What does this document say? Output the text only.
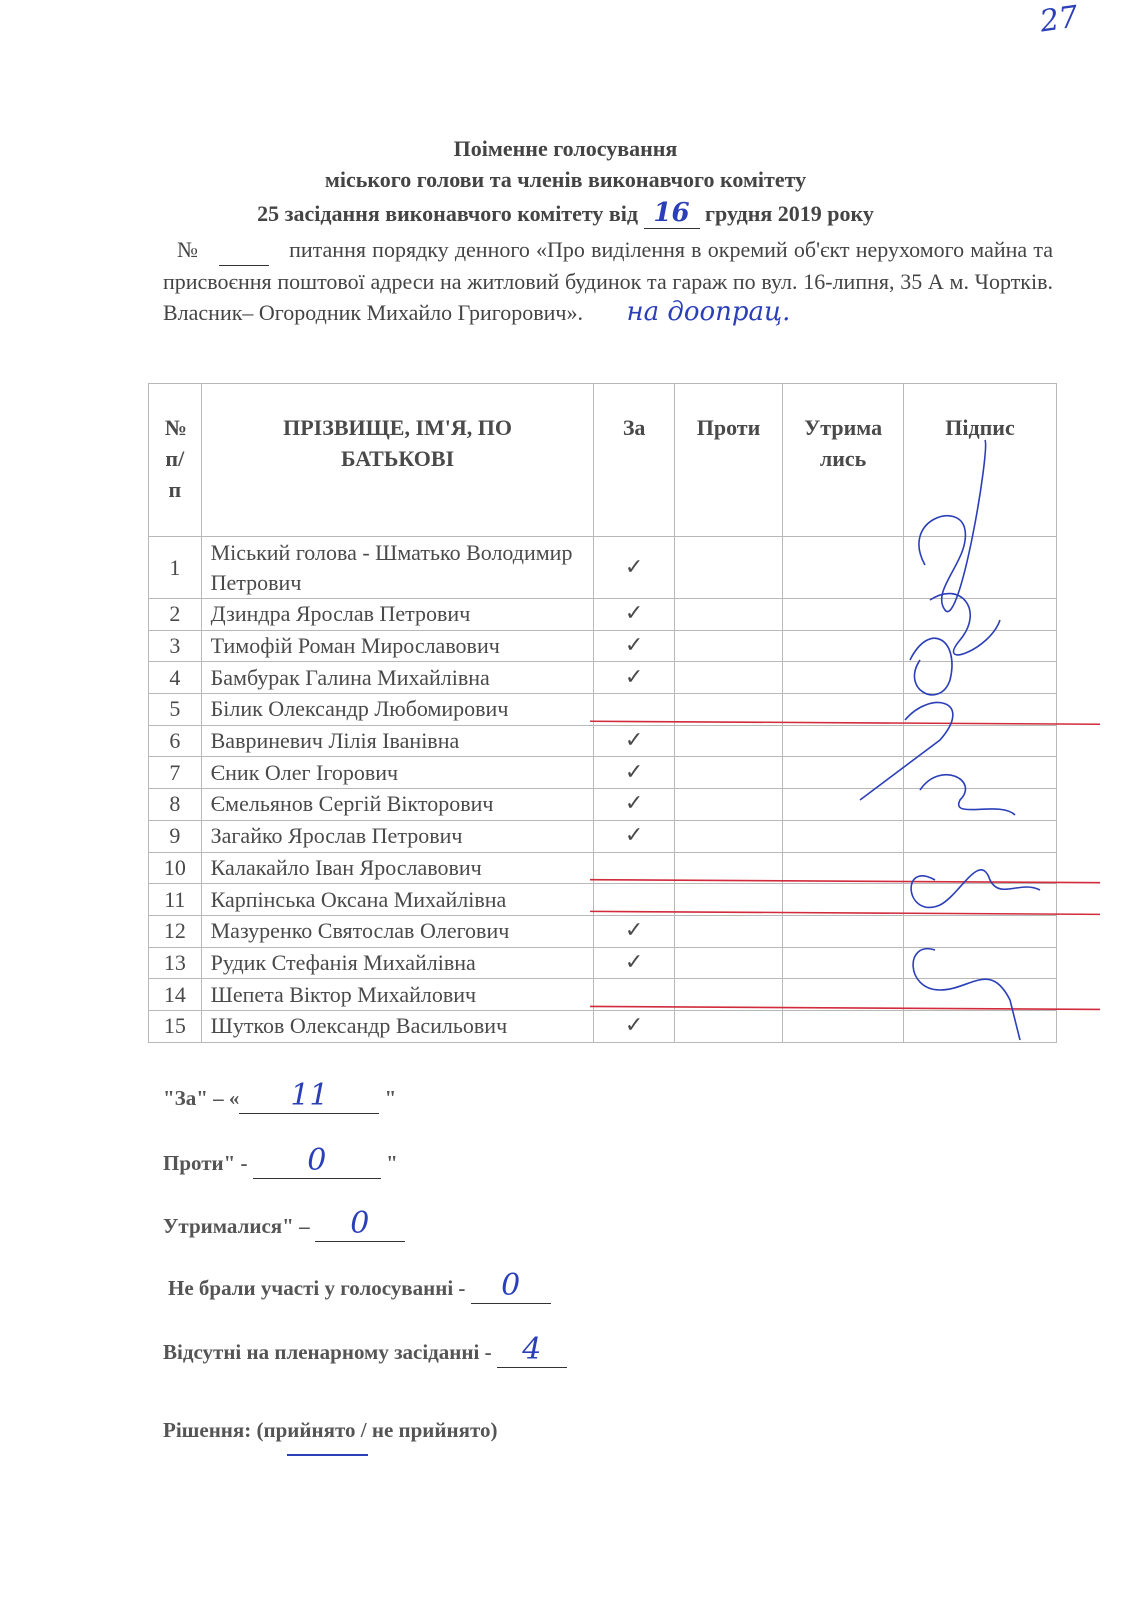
27
Поіменне голосування
міського голови та членів виконавчого комітету
25 засідання виконавчого комітету від 16 грудня 2019 року
№	питання порядку денного «Про виділення в окремий об'єкт нерухомого майна та присвоєння поштової адреси на житловий будинок та гараж по вул. 16-липня, 35 А м. Чортків. Власник– Огородник Михайло Григорович». на доопрац.
№ п/ п	ПРІЗВИЩЕ, ІМ'Я, ПО БАТЬКОВІ	За	Проти	Утрима лись	Підпис
1	Міський голова - Шматько Володимир Петрович	✓			
2	Дзиндра Ярослав Петрович	✓			
3	Тимофій Роман Мирославович	✓			
4	Бамбурак Галина Михайлівна	✓			
5	Білик Олександр Любомирович				
6	Вавриневич Лілія Іванівна	✓			
7	Єник Олег Ігорович	✓			
8	Ємельянов Сергій Вікторович	✓			
9	Загайко Ярослав Петрович	✓			
10	Калакайло Іван Ярославович				
11	Карпінська Оксана Михайлівна				
12	Мазуренко Святослав Олегович	✓			
13	Рудик Стефанія Михайлівна	✓			
14	Шепета Віктор Михайлович				
15	Шутков Олександр Васильович	✓			
"За" – « 11 "
Проти" - 0	"
Утрималися" – 0
Не брали участі у голосуванні - 0
Відсутні на пленарному засіданні - 4
Рішення: (прийнято / не прийнято)
